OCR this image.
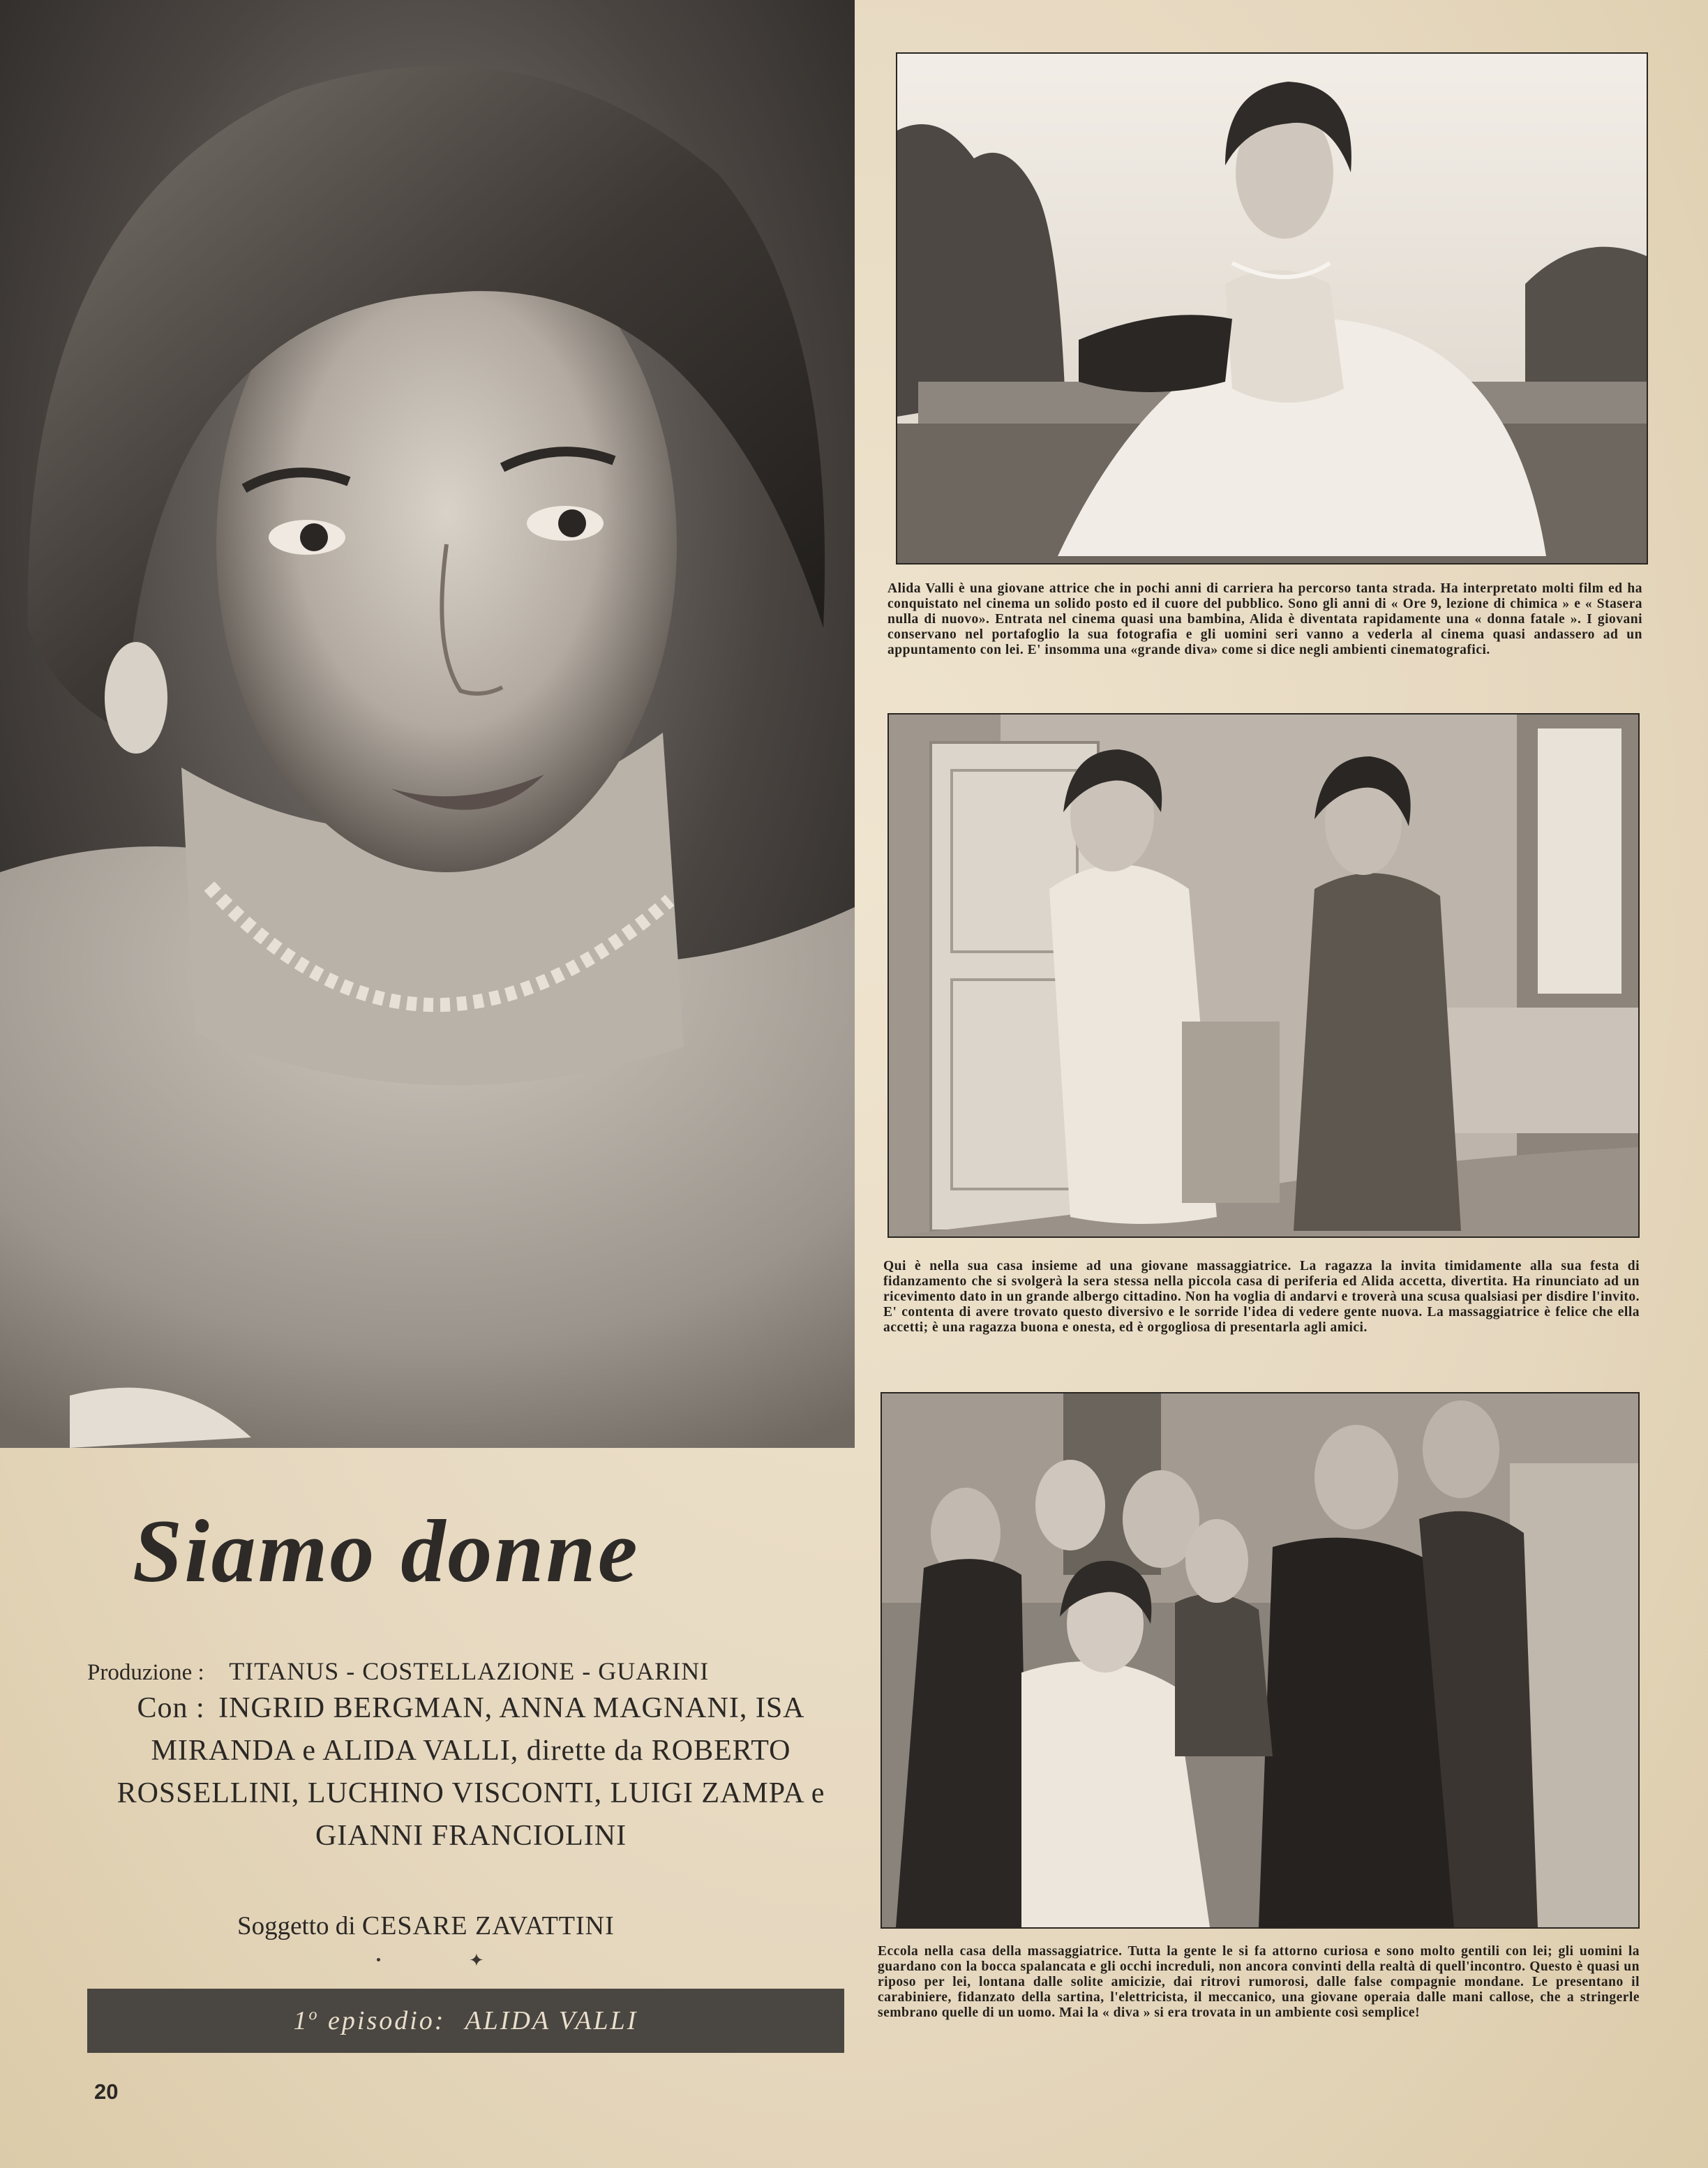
Alida Valli è una giovane attrice che in pochi anni di carriera ha percorso tanta strada. Ha interpretato molti film ed ha conquistato nel cinema un solido posto ed il cuore del pubblico. Sono gli anni di « Ore 9, lezione di chimica » e « Stasera nulla di nuovo». Entrata nel cinema quasi una bambina, Alida è diventata rapidamente una « donna fatale ». I giovani conservano nel portafoglio la sua fotografia e gli uomini seri vanno a vederla al cinema quasi andassero ad un appuntamento con lei. E' insomma una «grande diva» come si dice negli ambienti cinematografici.
Qui è nella sua casa insieme ad una giovane massaggiatrice. La ragazza la invita timidamente alla sua festa di fidanzamento che si svolgerà la sera stessa nella piccola casa di periferia ed Alida accetta, divertita. Ha rinunciato ad un ricevimento dato in un grande albergo cittadino. Non ha voglia di andarvi e troverà una scusa qualsiasi per disdire l'invito. E' contenta di avere trovato questo diversivo e le sorride l'idea di vedere gente nuova. La massaggiatrice è felice che ella accetti; è una ragazza buona e onesta, ed è orgogliosa di presentarla agli amici.
Eccola nella casa della massaggiatrice. Tutta la gente le si fa attorno curiosa e sono molto gentili con lei; gli uomini la guardano con la bocca spalancata e gli occhi increduli, non ancora convinti della realtà di quell'incontro. Questo è quasi un riposo per lei, lontana dalle solite amicizie, dai ritrovi rumorosi, dalle false compagnie mondane. Le presentano il carabiniere, fidanzato della sartina, l'elettricista, il meccanico, una giovane operaia dalle mani callose, che a stringerle sembrano quelle di un uomo. Mai la « diva » si era trovata in un ambiente così semplice!
Siamo donne
Produzione : TITANUS - COSTELLAZIONE - GUARINI
Con : INGRID BERGMAN, ANNA MAGNANI, ISA MIRANDA e ALIDA VALLI, dirette da ROBERTO ROSSELLINI, LUCHINO VISCONTI, LUIGI ZAMPA e GIANNI FRANCIOLINI
Soggetto di CESARE ZAVATTINI
✦
1$^o$ episodio: ALIDA VALLI
20
